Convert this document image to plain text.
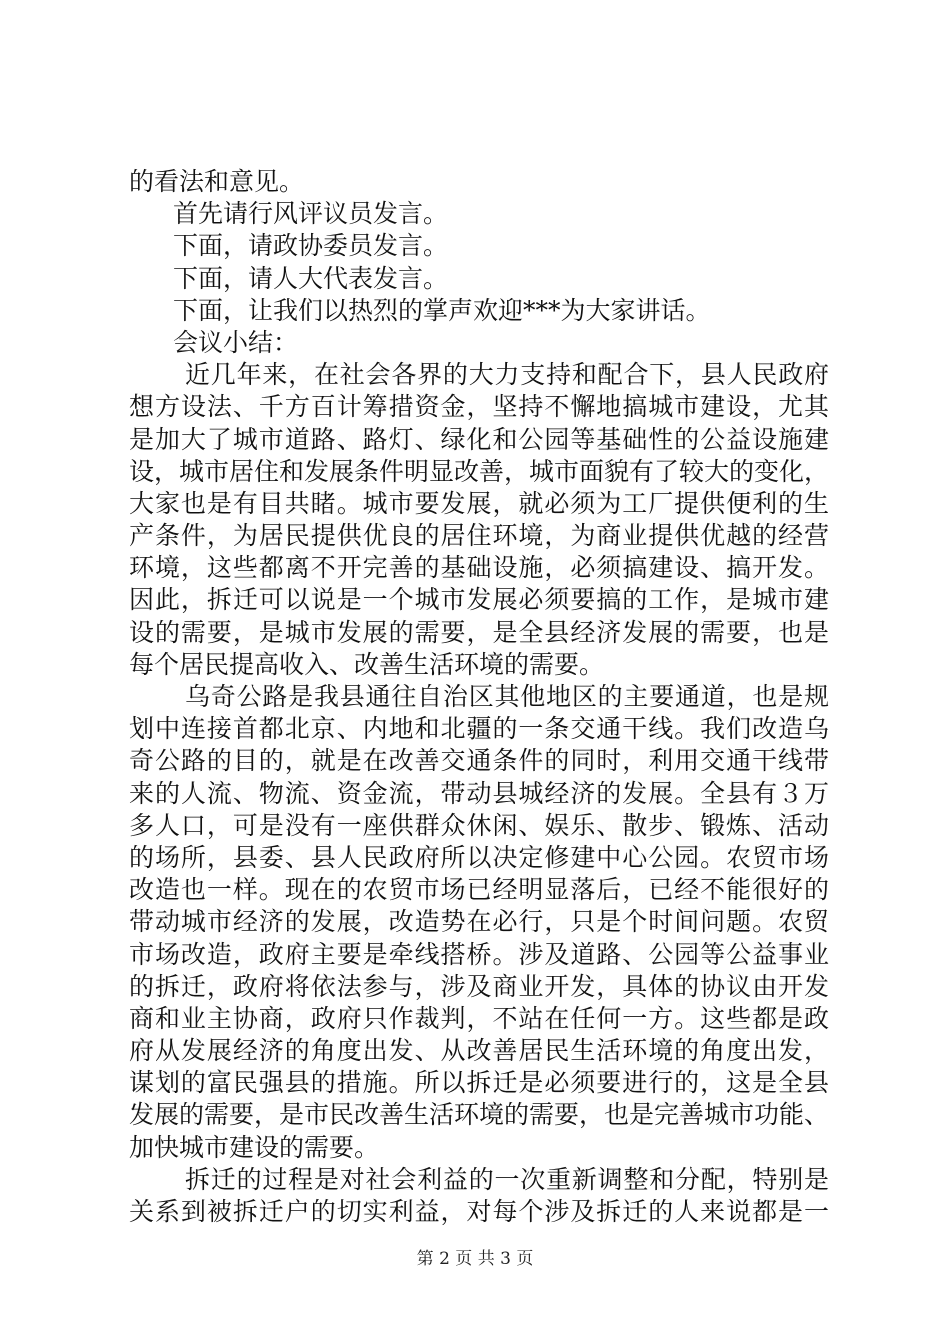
的看法和意见。
首先请行风评议员发言。
下面，请政协委员发言。
下面，请人大代表发言。
下面，让我们以热烈的掌声欢迎***为大家讲话。
会议小结：
近几年来，在社会各界的大力支持和配合下，县人民政府
想方设法、千方百计筹措资金，坚持不懈地搞城市建设，尤其
是加大了城市道路、路灯、绿化和公园等基础性的公益设施建
设，城市居住和发展条件明显改善，城市面貌有了较大的变化，
大家也是有目共睹。城市要发展，就必须为工厂提供便利的生
产条件，为居民提供优良的居住环境，为商业提供优越的经营
环境，这些都离不开完善的基础设施，必须搞建设、搞开发。
因此，拆迁可以说是一个城市发展必须要搞的工作，是城市建
设的需要，是城市发展的需要，是全县经济发展的需要，也是
每个居民提高收入、改善生活环境的需要。
乌奇公路是我县通往自治区其他地区的主要通道，也是规
划中连接首都北京、内地和北疆的一条交通干线。我们改造乌
奇公路的目的，就是在改善交通条件的同时，利用交通干线带
来的人流、物流、资金流，带动县城经济的发展。全县有３万
多人口，可是没有一座供群众休闲、娱乐、散步、锻炼、活动
的场所，县委、县人民政府所以决定修建中心公园。农贸市场
改造也一样。现在的农贸市场已经明显落后，已经不能很好的
带动城市经济的发展，改造势在必行，只是个时间问题。农贸
市场改造，政府主要是牵线搭桥。涉及道路、公园等公益事业
的拆迁，政府将依法参与，涉及商业开发，具体的协议由开发
商和业主协商，政府只作裁判，不站在任何一方。这些都是政
府从发展经济的角度出发、从改善居民生活环境的角度出发，
谋划的富民强县的措施。所以拆迁是必须要进行的，这是全县
发展的需要，是市民改善生活环境的需要，也是完善城市功能、
加快城市建设的需要。
拆迁的过程是对社会利益的一次重新调整和分配，特别是
关系到被拆迁户的切实利益，对每个涉及拆迁的人来说都是一
第 2 页 共 3 页
